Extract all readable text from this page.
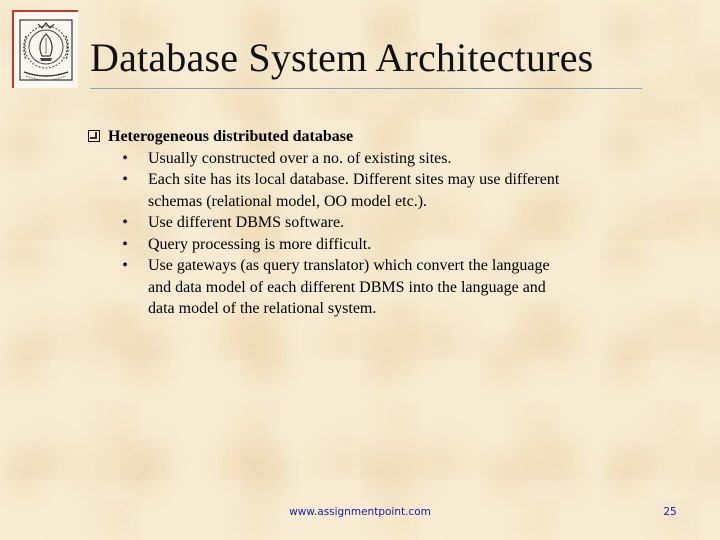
Database System Architectures
Heterogeneous distributed database
• Usually constructed over a no. of existing sites.
• Each site has its local database. Different sites may use different
schemas (relational model, OO model etc.).
• Use different DBMS software.
• Query processing is more difficult.
• Use gateways (as query translator) which convert the language
and data model of each different DBMS into the language and
data model of the relational system.
www.assignmentpoint.com	25
